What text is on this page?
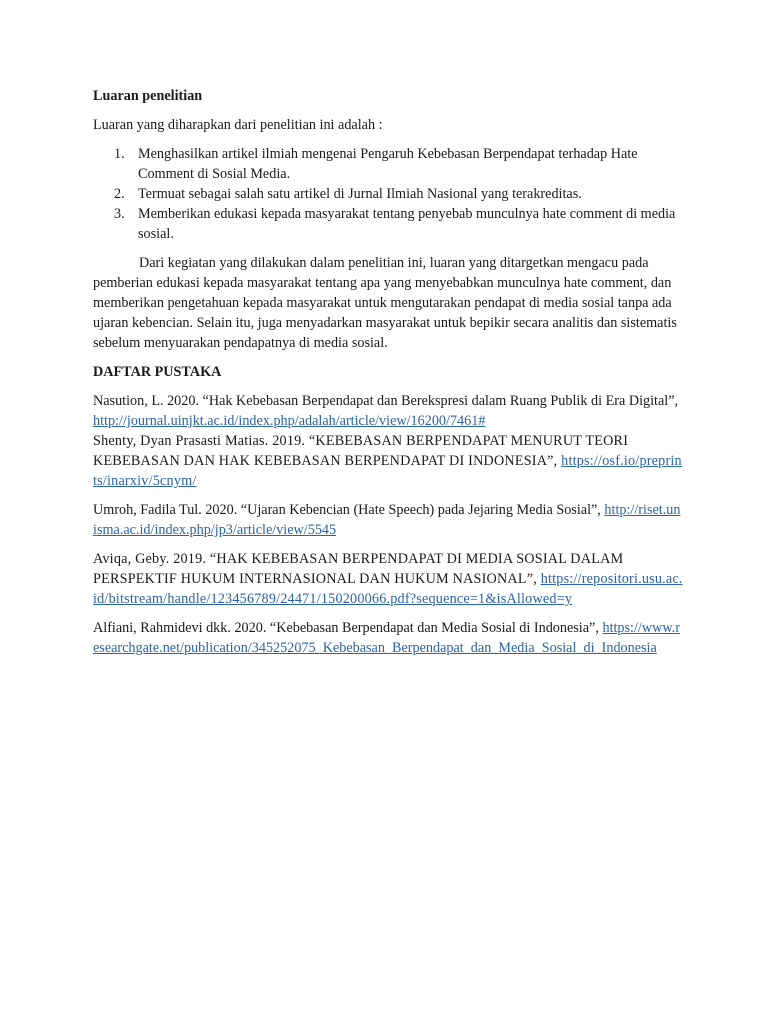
Luaran penelitian
Luaran yang diharapkan dari penelitian ini adalah :
1. Menghasilkan artikel ilmiah mengenai Pengaruh Kebebasan Berpendapat terhadap Hate Comment di Sosial Media.
2. Termuat sebagai salah satu artikel di Jurnal Ilmiah Nasional yang terakreditas.
3. Memberikan edukasi kepada masyarakat tentang penyebab munculnya hate comment di media sosial.
Dari kegiatan yang dilakukan dalam penelitian ini, luaran yang ditargetkan mengacu pada pemberian edukasi kepada masyarakat tentang apa yang menyebabkan munculnya hate comment, dan memberikan pengetahuan kepada masyarakat untuk mengutarakan pendapat di media sosial tanpa ada ujaran kebencian. Selain itu, juga menyadarkan masyarakat untuk bepikir secara analitis dan sistematis sebelum menyuarakan pendapatnya di media sosial.
DAFTAR PUSTAKA
Nasution, L. 2020. “Hak Kebebasan Berpendapat dan Berekspresi dalam Ruang Publik di Era Digital”, http://journal.uinjkt.ac.id/index.php/adalah/article/view/16200/7461#
Shenty, Dyan Prasasti Matias. 2019. “KEBEBASAN BERPENDAPAT MENURUT TEORI KEBEBASAN DAN HAK KEBEBASAN BERPENDAPAT DI INDONESIA”, https://osf.io/preprints/inarxiv/5cnym/
Umroh, Fadila Tul. 2020. “Ujaran Kebencian (Hate Speech) pada Jejaring Media Sosial”, http://riset.unisma.ac.id/index.php/jp3/article/view/5545
Aviqa, Geby. 2019. “HAK KEBEBASAN BERPENDAPAT DI MEDIA SOSIAL DALAM PERSPEKTIF HUKUM INTERNASIONAL DAN HUKUM NASIONAL”, https://repositori.usu.ac.id/bitstream/handle/123456789/24471/150200066.pdf?sequence=1&isAllowed=y
Alfiani, Rahmidevi dkk. 2020. “Kebebasan Berpendapat dan Media Sosial di Indonesia”, https://www.researchgate.net/publication/345252075_Kebebasan_Berpendapat_dan_Media_Sosial_di_Indonesia
